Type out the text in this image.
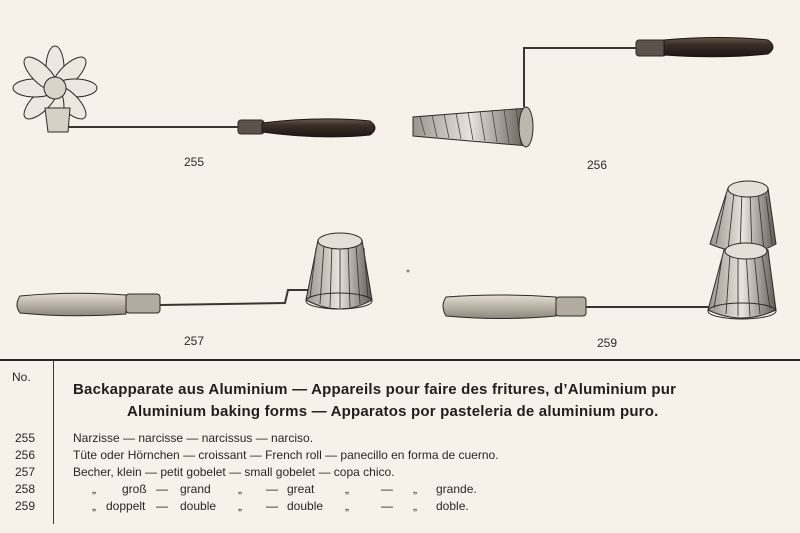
255	256
257	259
No.
Backapparate aus Aluminium — Appareils pour faire des fritures, d’Aluminium pur
Aluminium baking forms — Apparatos por pasteleria de aluminium puro.
255	Narzisse — narcisse — narcissus — narciso.
256	Tüte oder Hörnchen — croissant — French roll — panecillo en forma de cuerno.
257	Becher, klein — petit gobelet — small gobelet — copa chico.
258	„ groß — grand „ — great	„	— „ grande.
259	„ doppelt — double „ — double „	— „ doble.
